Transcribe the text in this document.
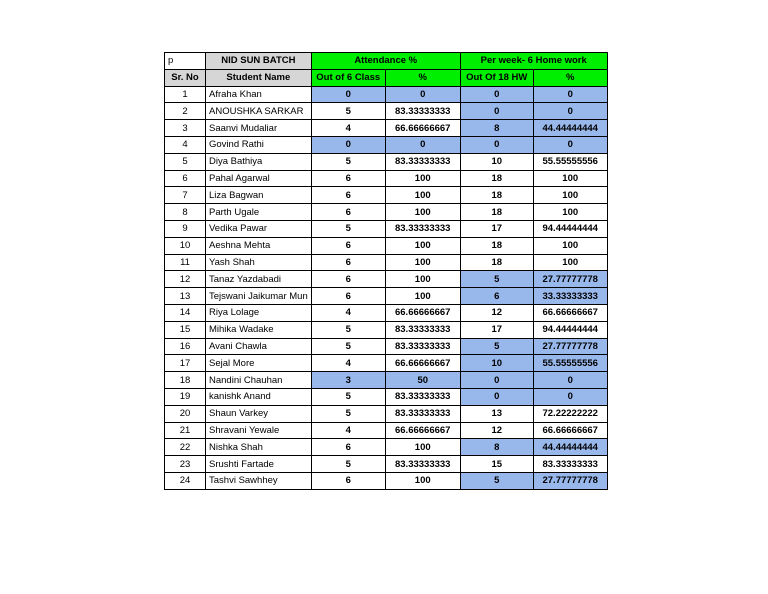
p	NID SUN BATCH	Attendance %		Per week- 6 Home work	
Sr. No	Student Name	Out of 6 Class	%	Out Of 18 HW	%
1	Afraha Khan	0	0	0	0
2	ANOUSHKA SARKAR	5	83.33333333	0	0
3	Saanvi Mudaliar	4	66.66666667	8	44.44444444
4	Govind Rathi	0	0	0	0
5	Diya Bathiya	5	83.33333333	10	55.55555556
6	Pahal Agarwal	6	100	18	100
7	Liza Bagwan	6	100	18	100
8	Parth Ugale	6	100	18	100
9	Vedika Pawar	5	83.33333333	17	94.44444444
10	Aeshna Mehta	6	100	18	100
11	Yash Shah	6	100	18	100
12	Tanaz Yazdabadi	6	100	5	27.77777778
13	Tejswani Jaikumar Mun	6	100	6	33.33333333
14	Riya Lolage	4	66.66666667	12	66.66666667
15	Mihika Wadake	5	83.33333333	17	94.44444444
16	Avani Chawla	5	83.33333333	5	27.77777778
17	Sejal More	4	66.66666667	10	55.55555556
18	Nandini Chauhan	3	50	0	0
19	kanishk Anand	5	83.33333333	0	0
20	Shaun Varkey	5	83.33333333	13	72.22222222
21	Shravani Yewale	4	66.66666667	12	66.66666667
22	Nishka Shah	6	100	8	44.44444444
23	Srushti Fartade	5	83.33333333	15	83.33333333
24	Tashvi Sawhhey	6	100	5	27.77777778
